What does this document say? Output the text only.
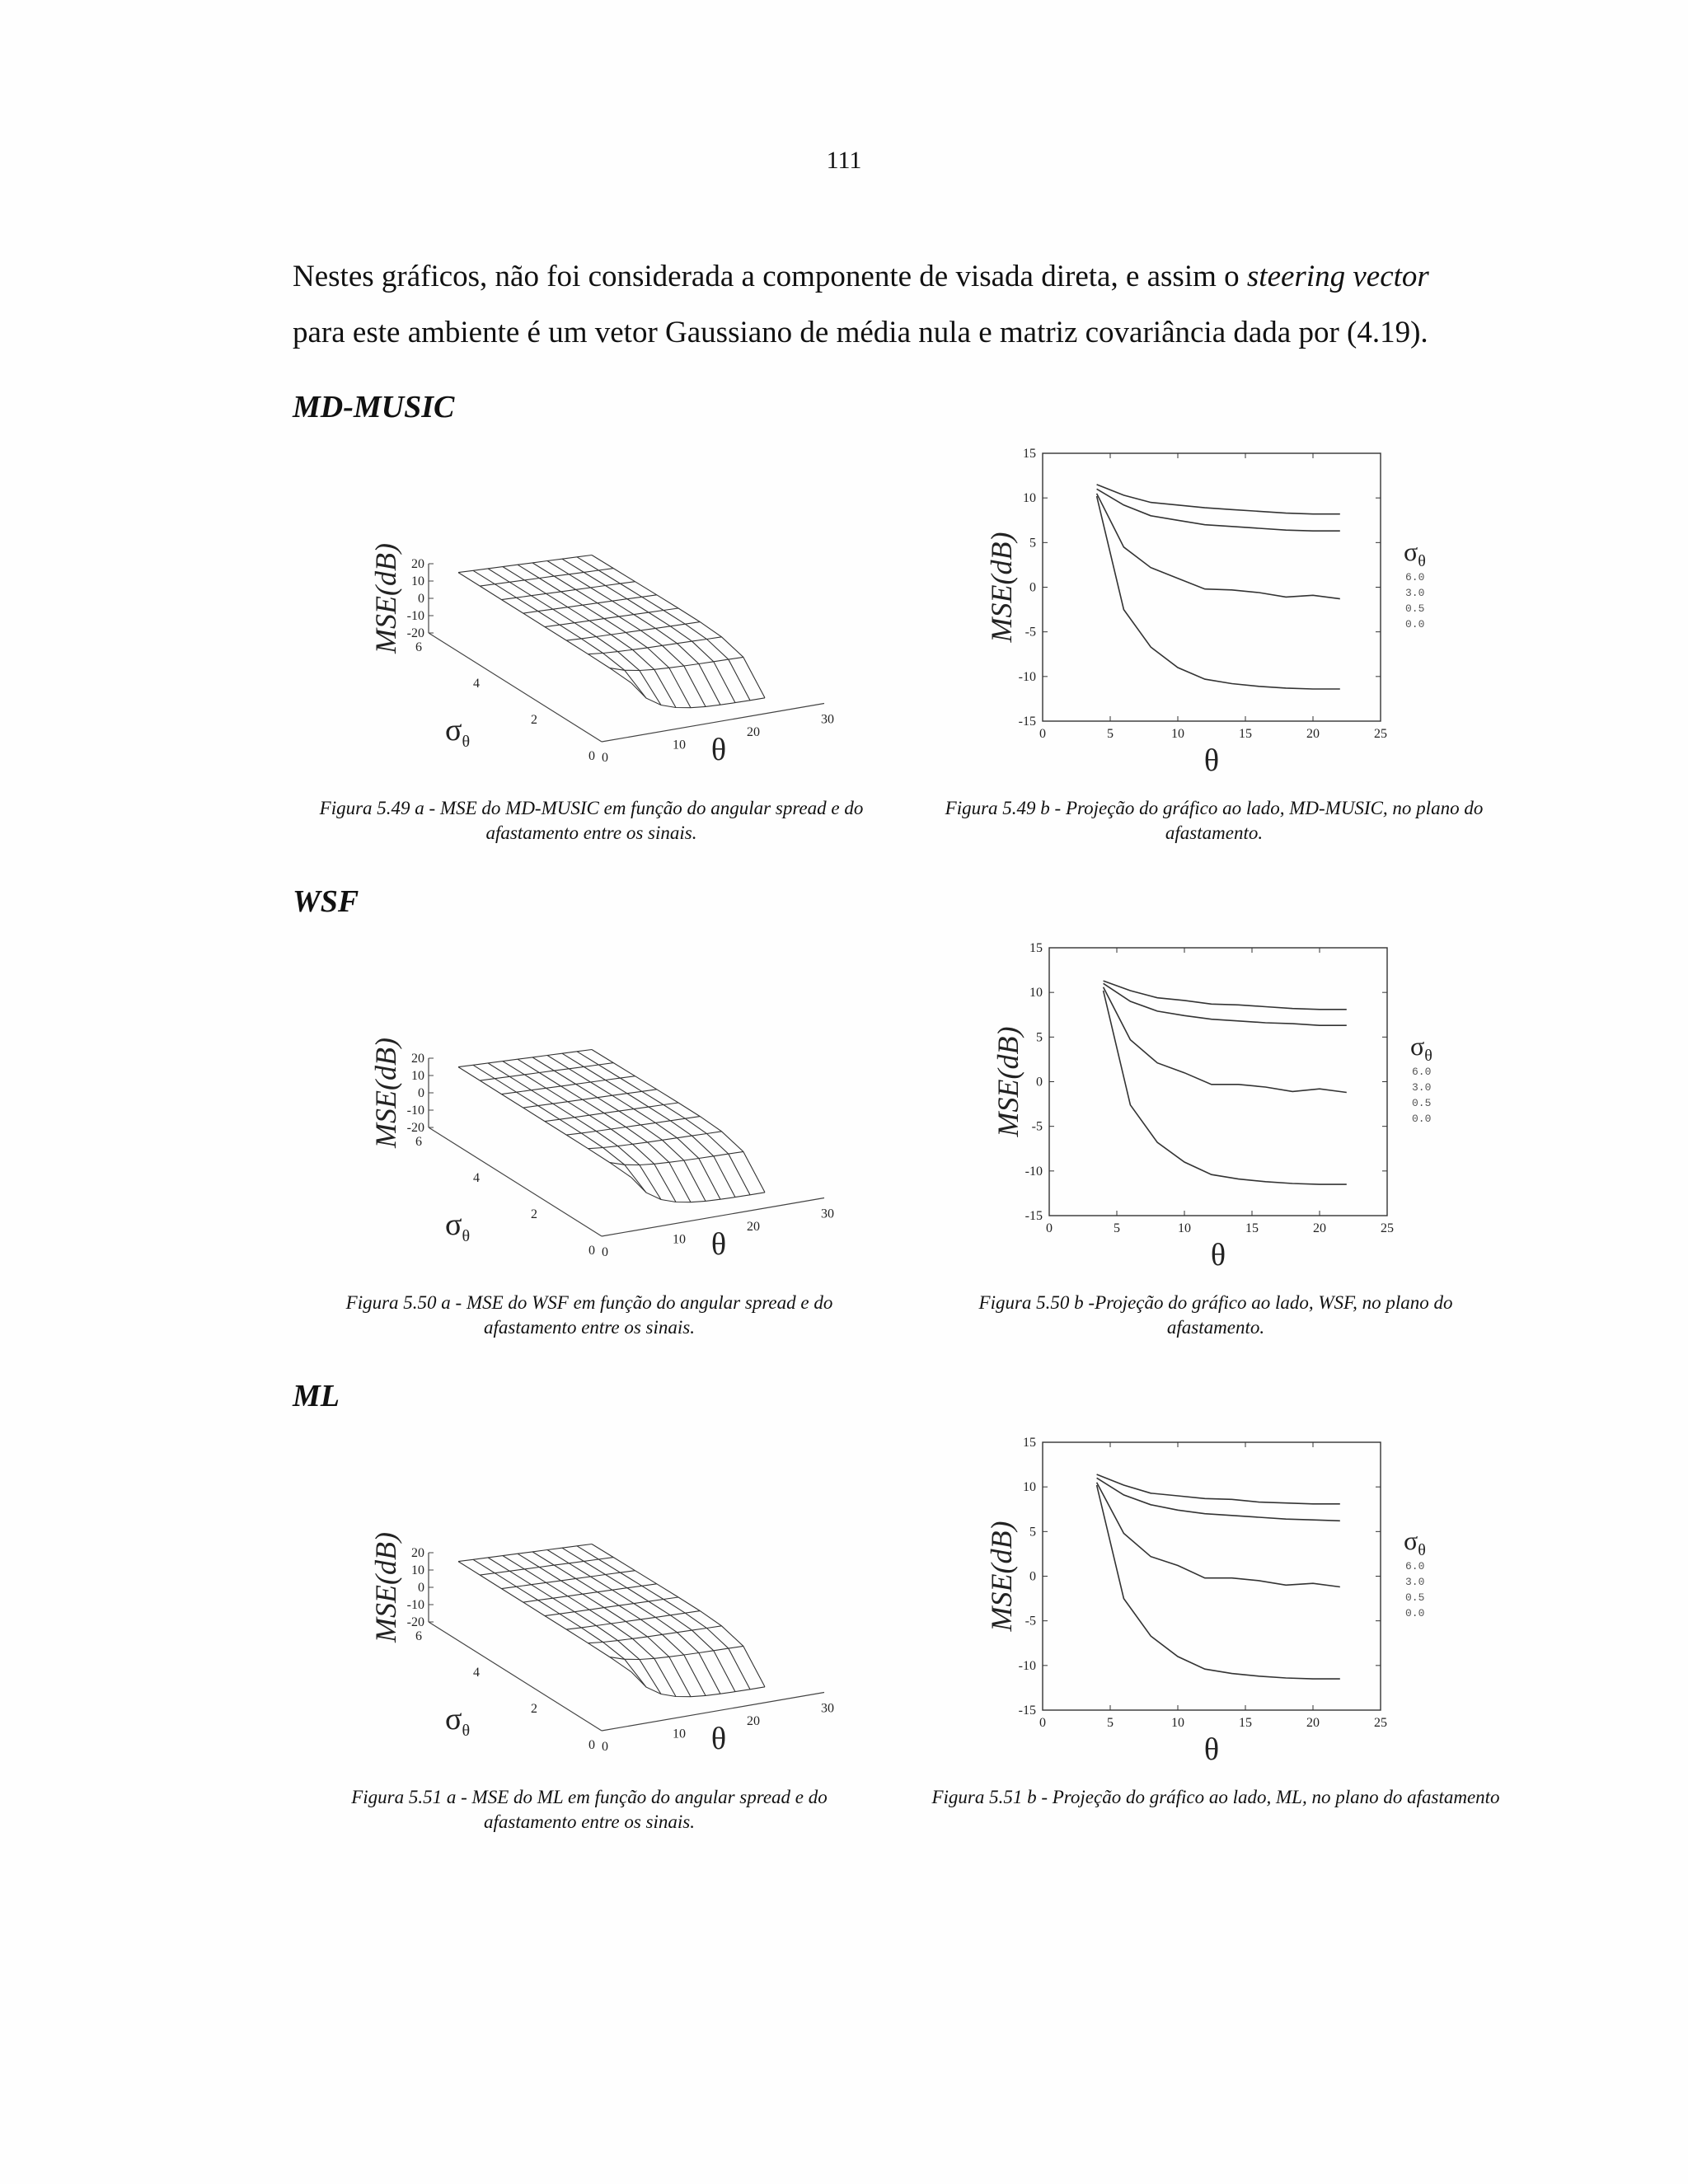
111
Nestes gráficos, não foi considerada a componente de visada direta, e assim o steering vector para este ambiente é um vetor Gaussiano de média nula e matriz covariância dada por (4.19).
MD-MUSIC
WSF
ML
20
10
0
-10
-20
6
4
2
0 0
10
20
30
MSE(dB)
$\sigma_\theta$	θ
20
10
0
-10
-20
6
4
2
0 0
10
20
30
MSE(dB)
$\sigma_\theta$	θ
20
10
0
-10
-20
6
4
2
0 0
10
20
30
MSE(dB)
$\sigma_\theta$	θ
15
10
5
0
-5
-10
-15
0	5	10	15	20	25
MSE(dB)
θ
$\sigma_\theta$
6.0
3.0
0.5
0.0
15
10
5
0
-5
-10
-15
0	5	10	15	20	25
MSE(dB)
θ
$\sigma_\theta$
6.0
3.0
0.5
0.0
15
10
5
0
-5
-10
-15
0	5	10	15	20	25
MSE(dB)
θ
$\sigma_\theta$
6.0
3.0
0.5
0.0
Figura 5.49 a - MSE do MD-MUSIC em função do angular spread e do afastamento entre os sinais.
Figura 5.49 b - Projeção do gráfico ao lado, MD-MUSIC, no plano do afastamento.
Figura 5.50 a - MSE do WSF em função do angular spread e do afastamento entre os sinais.
Figura 5.50 b -Projeção do gráfico ao lado, WSF, no plano do afastamento.
Figura 5.51 a - MSE do ML em função do angular spread e do afastamento entre os sinais.
Figura 5.51 b - Projeção do gráfico ao lado, ML, no plano do afastamento
